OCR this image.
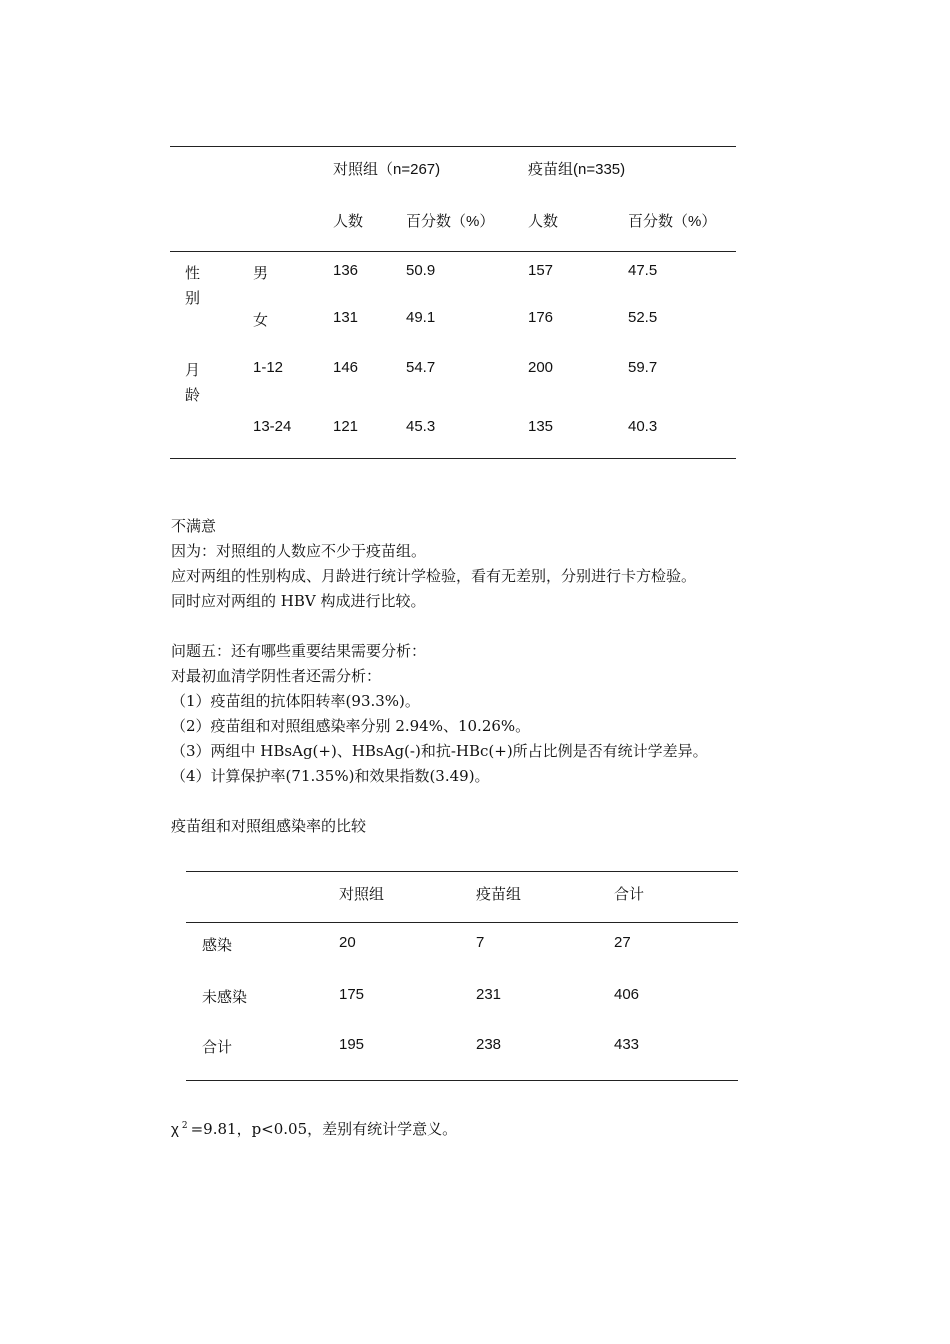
对照组（n=267)	疫苗组(n=335)
人数	百分数（%） 人数	百分数（%）
性
别
月
龄
男	136	50.9	157	47.5
女	131	49.1	176	52.5
1-12	146	54.7	200	59.7
13-24	121	45.3	135	40.3
不满意
因为：对照组的人数应不少于疫苗组。
应对两组的性别构成、月龄进行统计学检验，看有无差别，分别进行卡方检验。
同时应对两组的 HBV 构成进行比较。
问题五：还有哪些重要结果需要分析：
对最初血清学阴性者还需分析：
（1）疫苗组的抗体阳转率(93.3%)。
（2）疫苗组和对照组感染率分别 2.94%、10.26%。
（3）两组中 HBsAg(+)、HBsAg(-)和抗-HBc(+)所占比例是否有统计学差异。
（4）计算保护率(71.35%)和效果指数(3.49)。
疫苗组和对照组感染率的比较
对照组	疫苗组	合计
感染	20	7	27
未感染	175	231	406
合计	195	238	433
χ $^2$ =9.81，p<0.05，差别有统计学意义。
